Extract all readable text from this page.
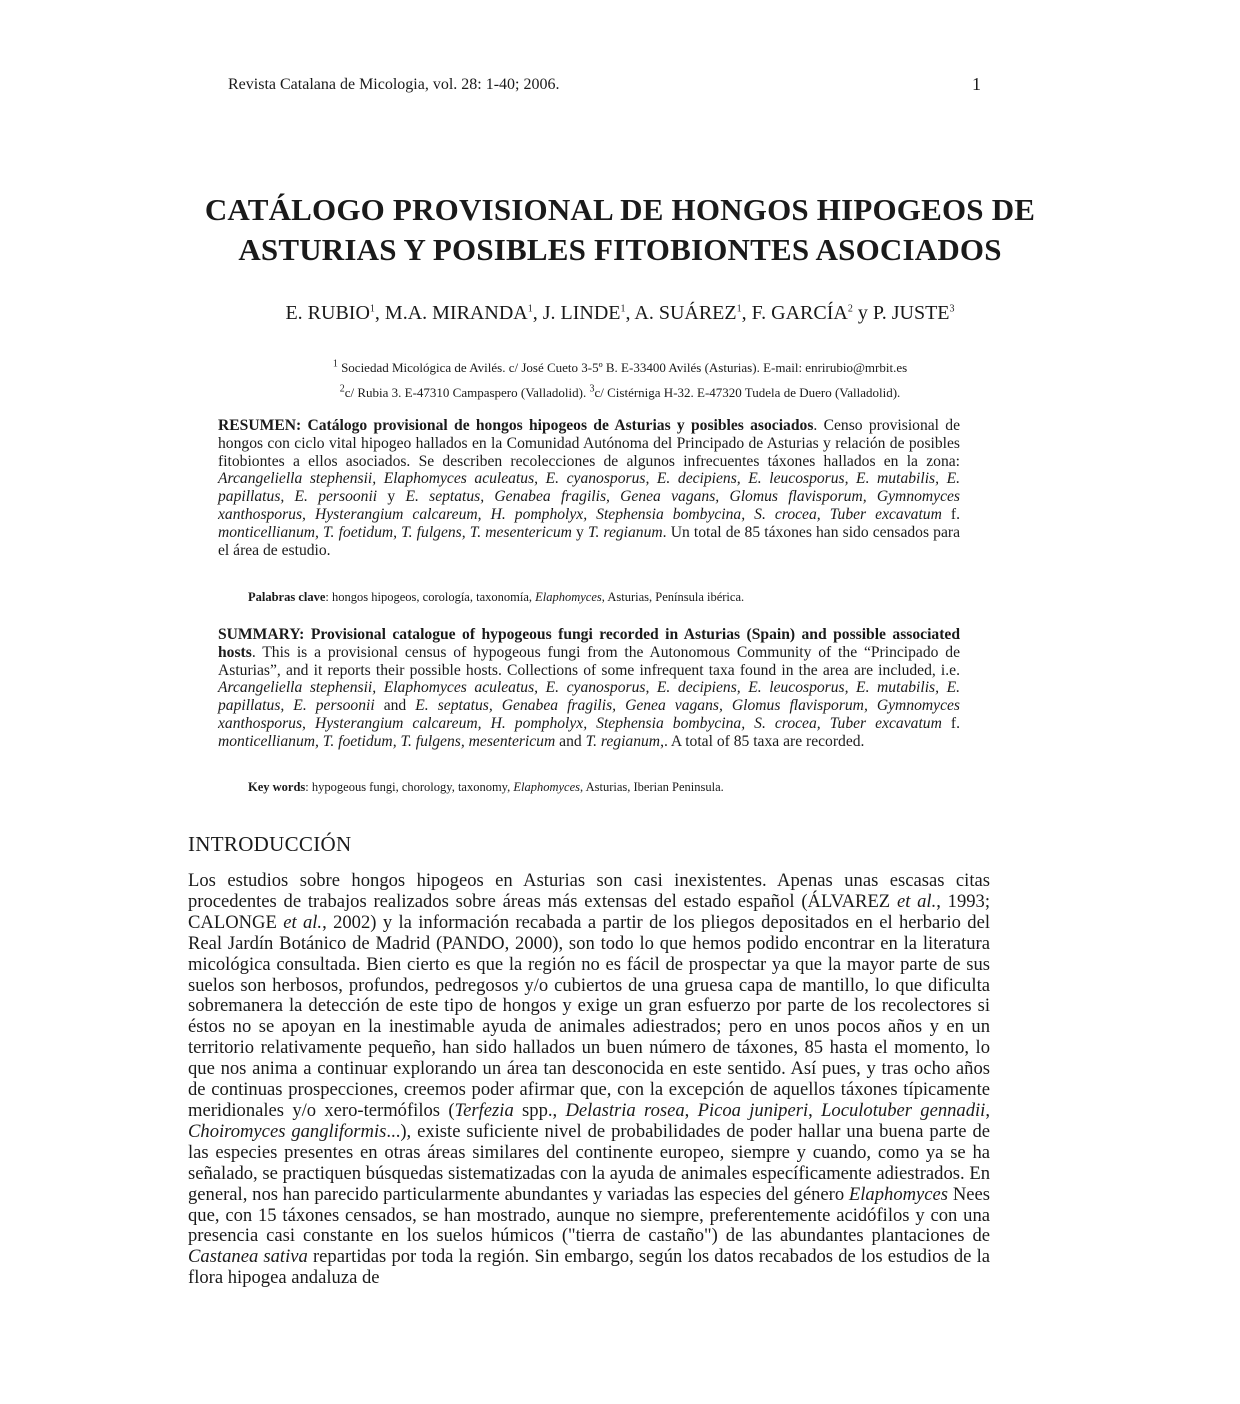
Revista Catalana de Micologia, vol. 28: 1-40; 2006.	1
CATÁLOGO PROVISIONAL DE HONGOS HIPOGEOS DE
ASTURIAS Y POSIBLES FITOBIONTES ASOCIADOS
E. RUBIO$^1$, M.A. MIRANDA$^1$, J. LINDE$^1$, A. SUÁREZ$^1$, F. GARCÍA$^2$ y P. JUSTE$^3$
$^1$ Sociedad Micológica de Avilés. c/ José Cueto 3-5º B. E-33400 Avilés (Asturias). E-mail: enrirubio@mrbit.es
$^2$c/ Rubia 3. E-47310 Campaspero (Valladolid). $^3$c/ Cistérniga H-32. E-47320 Tudela de Duero (Valladolid).
RESUMEN: Catálogo provisional de hongos hipogeos de Asturias y posibles asociados. Censo provisional de hongos con ciclo vital hipogeo hallados en la Comunidad Autónoma del Principado de Asturias y relación de posibles fitobiontes a ellos asociados. Se describen recolecciones de algunos infrecuentes táxones hallados en la zona: Arcangeliella stephensii, Elaphomyces aculeatus, E. cyanosporus, E. decipiens, E. leucosporus, E. mutabilis, E. papillatus, E. persoonii y E. septatus, Genabea fragilis, Genea vagans, Glomus flavisporum, Gymnomyces xanthosporus, Hysterangium calcareum, H. pompholyx, Stephensia bombycina, S. crocea, Tuber excavatum f. monticellianum, T. foetidum, T. fulgens, T. mesentericum y T. regianum. Un total de 85 táxones han sido censados para el área de estudio.
Palabras clave: hongos hipogeos, corología, taxonomía, Elaphomyces, Asturias, Península ibérica.
SUMMARY: Provisional catalogue of hypogeous fungi recorded in Asturias (Spain) and possible associated hosts. This is a provisional census of hypogeous fungi from the Autonomous Community of the “Principado de Asturias”, and it reports their possible hosts. Collections of some infrequent taxa found in the area are included, i.e. Arcangeliella stephensii, Elaphomyces aculeatus, E. cyanosporus, E. decipiens, E. leucosporus, E. mutabilis, E. papillatus, E. persoonii and E. septatus, Genabea fragilis, Genea vagans, Glomus flavisporum, Gymnomyces xanthosporus, Hysterangium calcareum, H. pompholyx, Stephensia bombycina, S. crocea, Tuber excavatum f. monticellianum, T. foetidum, T. fulgens, mesentericum and T. regianum,. A total of 85 taxa are recorded.
Key words: hypogeous fungi, chorology, taxonomy, Elaphomyces, Asturias, Iberian Peninsula.
INTRODUCCIÓN
Los estudios sobre hongos hipogeos en Asturias son casi inexistentes. Apenas unas escasas citas procedentes de trabajos realizados sobre áreas más extensas del estado español (ÁLVAREZ et al., 1993; CALONGE et al., 2002) y la información recabada a partir de los pliegos depositados en el herbario del Real Jardín Botánico de Madrid (PANDO, 2000), son todo lo que hemos podido encontrar en la literatura micológica consultada. Bien cierto es que la región no es fácil de prospectar ya que la mayor parte de sus suelos son herbosos, profundos, pedregosos y/o cubiertos de una gruesa capa de mantillo, lo que dificulta sobremanera la detección de este tipo de hongos y exige un gran esfuerzo por parte de los recolectores si éstos no se apoyan en la inestimable ayuda de animales adiestrados; pero en unos pocos años y en un territorio relativamente pequeño, han sido hallados un buen número de táxones, 85 hasta el momento, lo que nos anima a continuar explorando un área tan desconocida en este sentido. Así pues, y tras ocho años de continuas prospecciones, creemos poder afirmar que, con la excepción de aquellos táxones típicamente meridionales y/o xero-termófilos (Terfezia spp., Delastria rosea, Picoa juniperi, Loculotuber gennadii, Choiromyces gangliformis...), existe suficiente nivel de probabilidades de poder hallar una buena parte de las especies presentes en otras áreas similares del continente europeo, siempre y cuando, como ya se ha señalado, se practiquen búsquedas sistematizadas con la ayuda de animales específicamente adiestrados. En general, nos han parecido particularmente abundantes y variadas las especies del género Elaphomyces Nees que, con 15 táxones censados, se han mostrado, aunque no siempre, preferentemente acidófilos y con una presencia casi constante en los suelos húmicos ("tierra de castaño") de las abundantes plantaciones de Castanea sativa repartidas por toda la región. Sin embargo, según los datos recabados de los estudios de la flora hipogea andaluza de
